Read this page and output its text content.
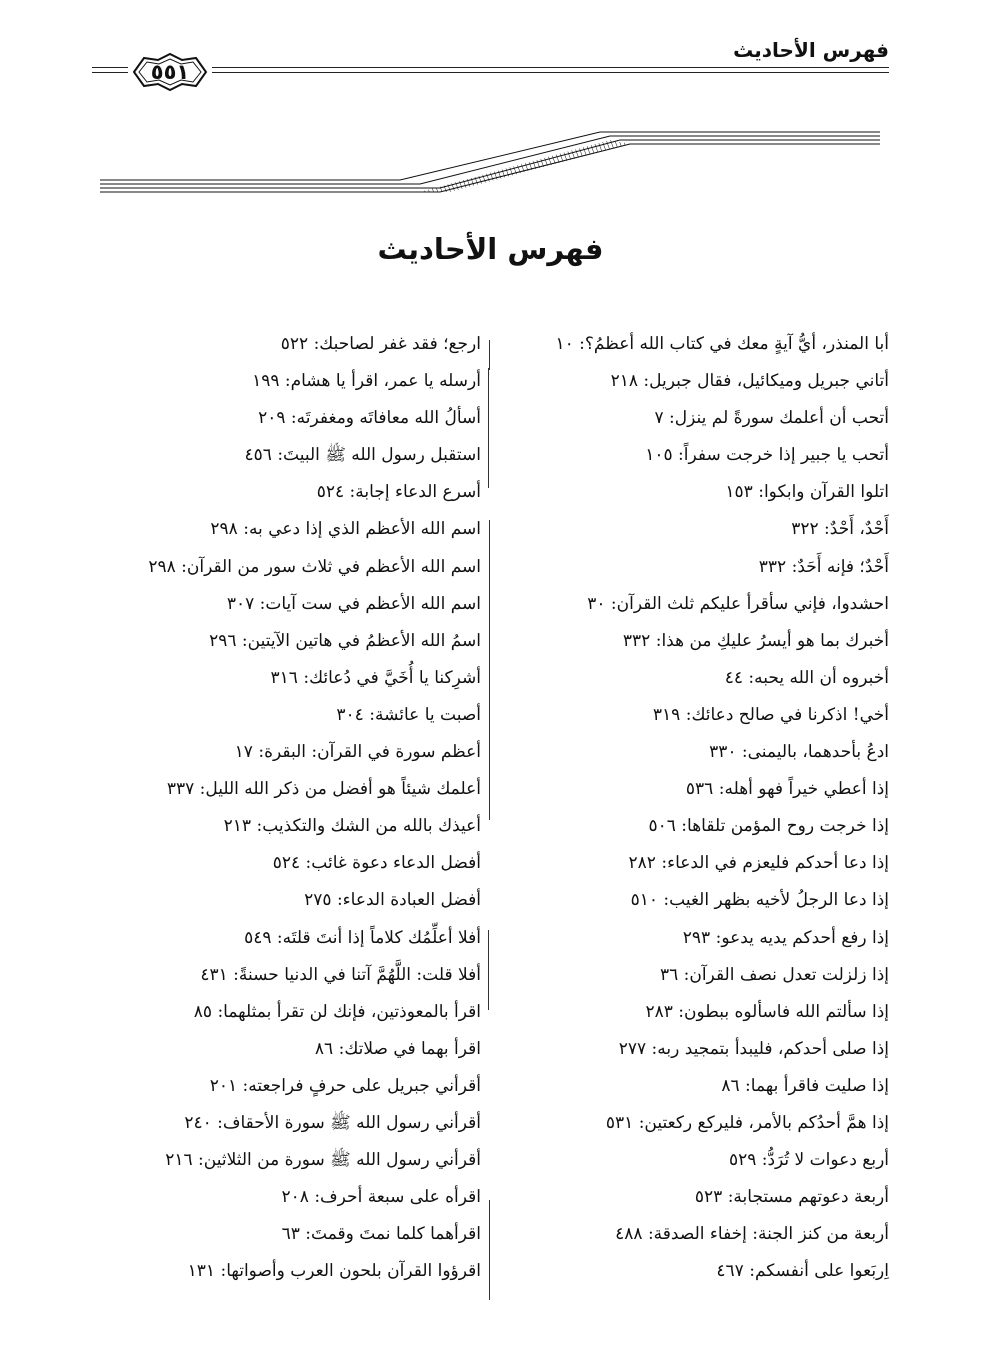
فهرس الأحاديث
٥٥١
فهرس الأحاديث
أبا المنذر، أيُّ آيةٍ معك في كتاب الله أعظمُ؟: ١٠
أتاني جبريل وميكائيل، فقال جبريل: ٢١٨
أتحب أن أعلمك سورةً لم ينزل: ٧
أتحب يا جبير إذا خرجت سفراً: ١٠٥
اتلوا القرآن وابكوا: ١٥٣
أَحْدٌ، أَحْدٌ: ٣٢٢
أَحْدٌ؛ فإنه أَحَدٌ: ٣٣٢
احشدوا، فإني سأقرأ عليكم ثلث القرآن: ٣٠
أخبرك بما هو أيسرُ عليكِ من هذا: ٣٣٢
أخبروه أن الله يحبه: ٤٤
أخي! اذكرنا في صالح دعائك: ٣١٩
ادعُ بأحدهما، باليمنى: ٣٣٠
إذا أعطي خيراً فهو أهله: ٥٣٦
إذا خرجت روح المؤمن تلقاها: ٥٠٦
إذا دعا أحدكم فليعزم في الدعاء: ٢٨٢
إذا دعا الرجلُ لأخيه بظهر الغيب: ٥١٠
إذا رفع أحدكم يديه يدعو: ٢٩٣
إذا زلزلت تعدل نصف القرآن: ٣٦
إذا سألتم الله فاسألوه ببطون: ٢٨٣
إذا صلى أحدكم، فليبدأ بتمجيد ربه: ٢٧٧
إذا صليت فاقرأ بهما: ٨٦
إذا همَّ أحدُكم بالأمر، فليركع ركعتين: ٥٣١
أربع دعوات لا تُرَدُّ: ٥٢٩
أربعة دعوتهم مستجابة: ٥٢٣
أربعة من كنز الجنة: إخفاء الصدقة: ٤٨٨
اِربَعوا على أنفسكم: ٤٦٧
ارجع؛ فقد غفر لصاحبك: ٥٢٢
أرسله يا عمر، اقرأ يا هشام: ١٩٩
أسألُ الله معافاتَه ومغفرتَه: ٢٠٩
استقبل رسول الله ﷺ البيتَ: ٤٥٦
أسرع الدعاء إجابة: ٥٢٤
اسم الله الأعظم الذي إذا دعي به: ٢٩٨
اسم الله الأعظم في ثلاث سور من القرآن: ٢٩٨
اسم الله الأعظم في ست آيات: ٣٠٧
اسمُ الله الأعظمُ في هاتين الآيتين: ٢٩٦
أشرِكنا يا أُخَيَّ في دُعائك: ٣١٦
أصبت يا عائشة: ٣٠٤
أعظم سورة في القرآن: البقرة: ١٧
أعلمك شيئاً هو أفضل من ذكر الله الليل: ٣٣٧
أعيذك بالله من الشك والتكذيب: ٢١٣
أفضل الدعاء دعوة غائب: ٥٢٤
أفضل العبادة الدعاء: ٢٧٥
أفلا أعلِّمُك كلاماً إذا أنتَ قلتَه: ٥٤٩
أفلا قلت: اللَّهُمَّ آتنا في الدنيا حسنةً: ٤٣١
اقرأ بالمعوذتين، فإنك لن تقرأ بمثلهما: ٨٥
اقرأ بهما في صلاتك: ٨٦
أقرأني جبريل على حرفٍ فراجعته: ٢٠١
أقرأني رسول الله ﷺ سورة الأحقاف: ٢٤٠
أقرأني رسول الله ﷺ سورة من الثلاثين: ٢١٦
اقرأه على سبعة أحرف: ٢٠٨
اقرأهما كلما نمتَ وقمتَ: ٦٣
اقرؤوا القرآن بلحون العرب وأصواتها: ١٣١
